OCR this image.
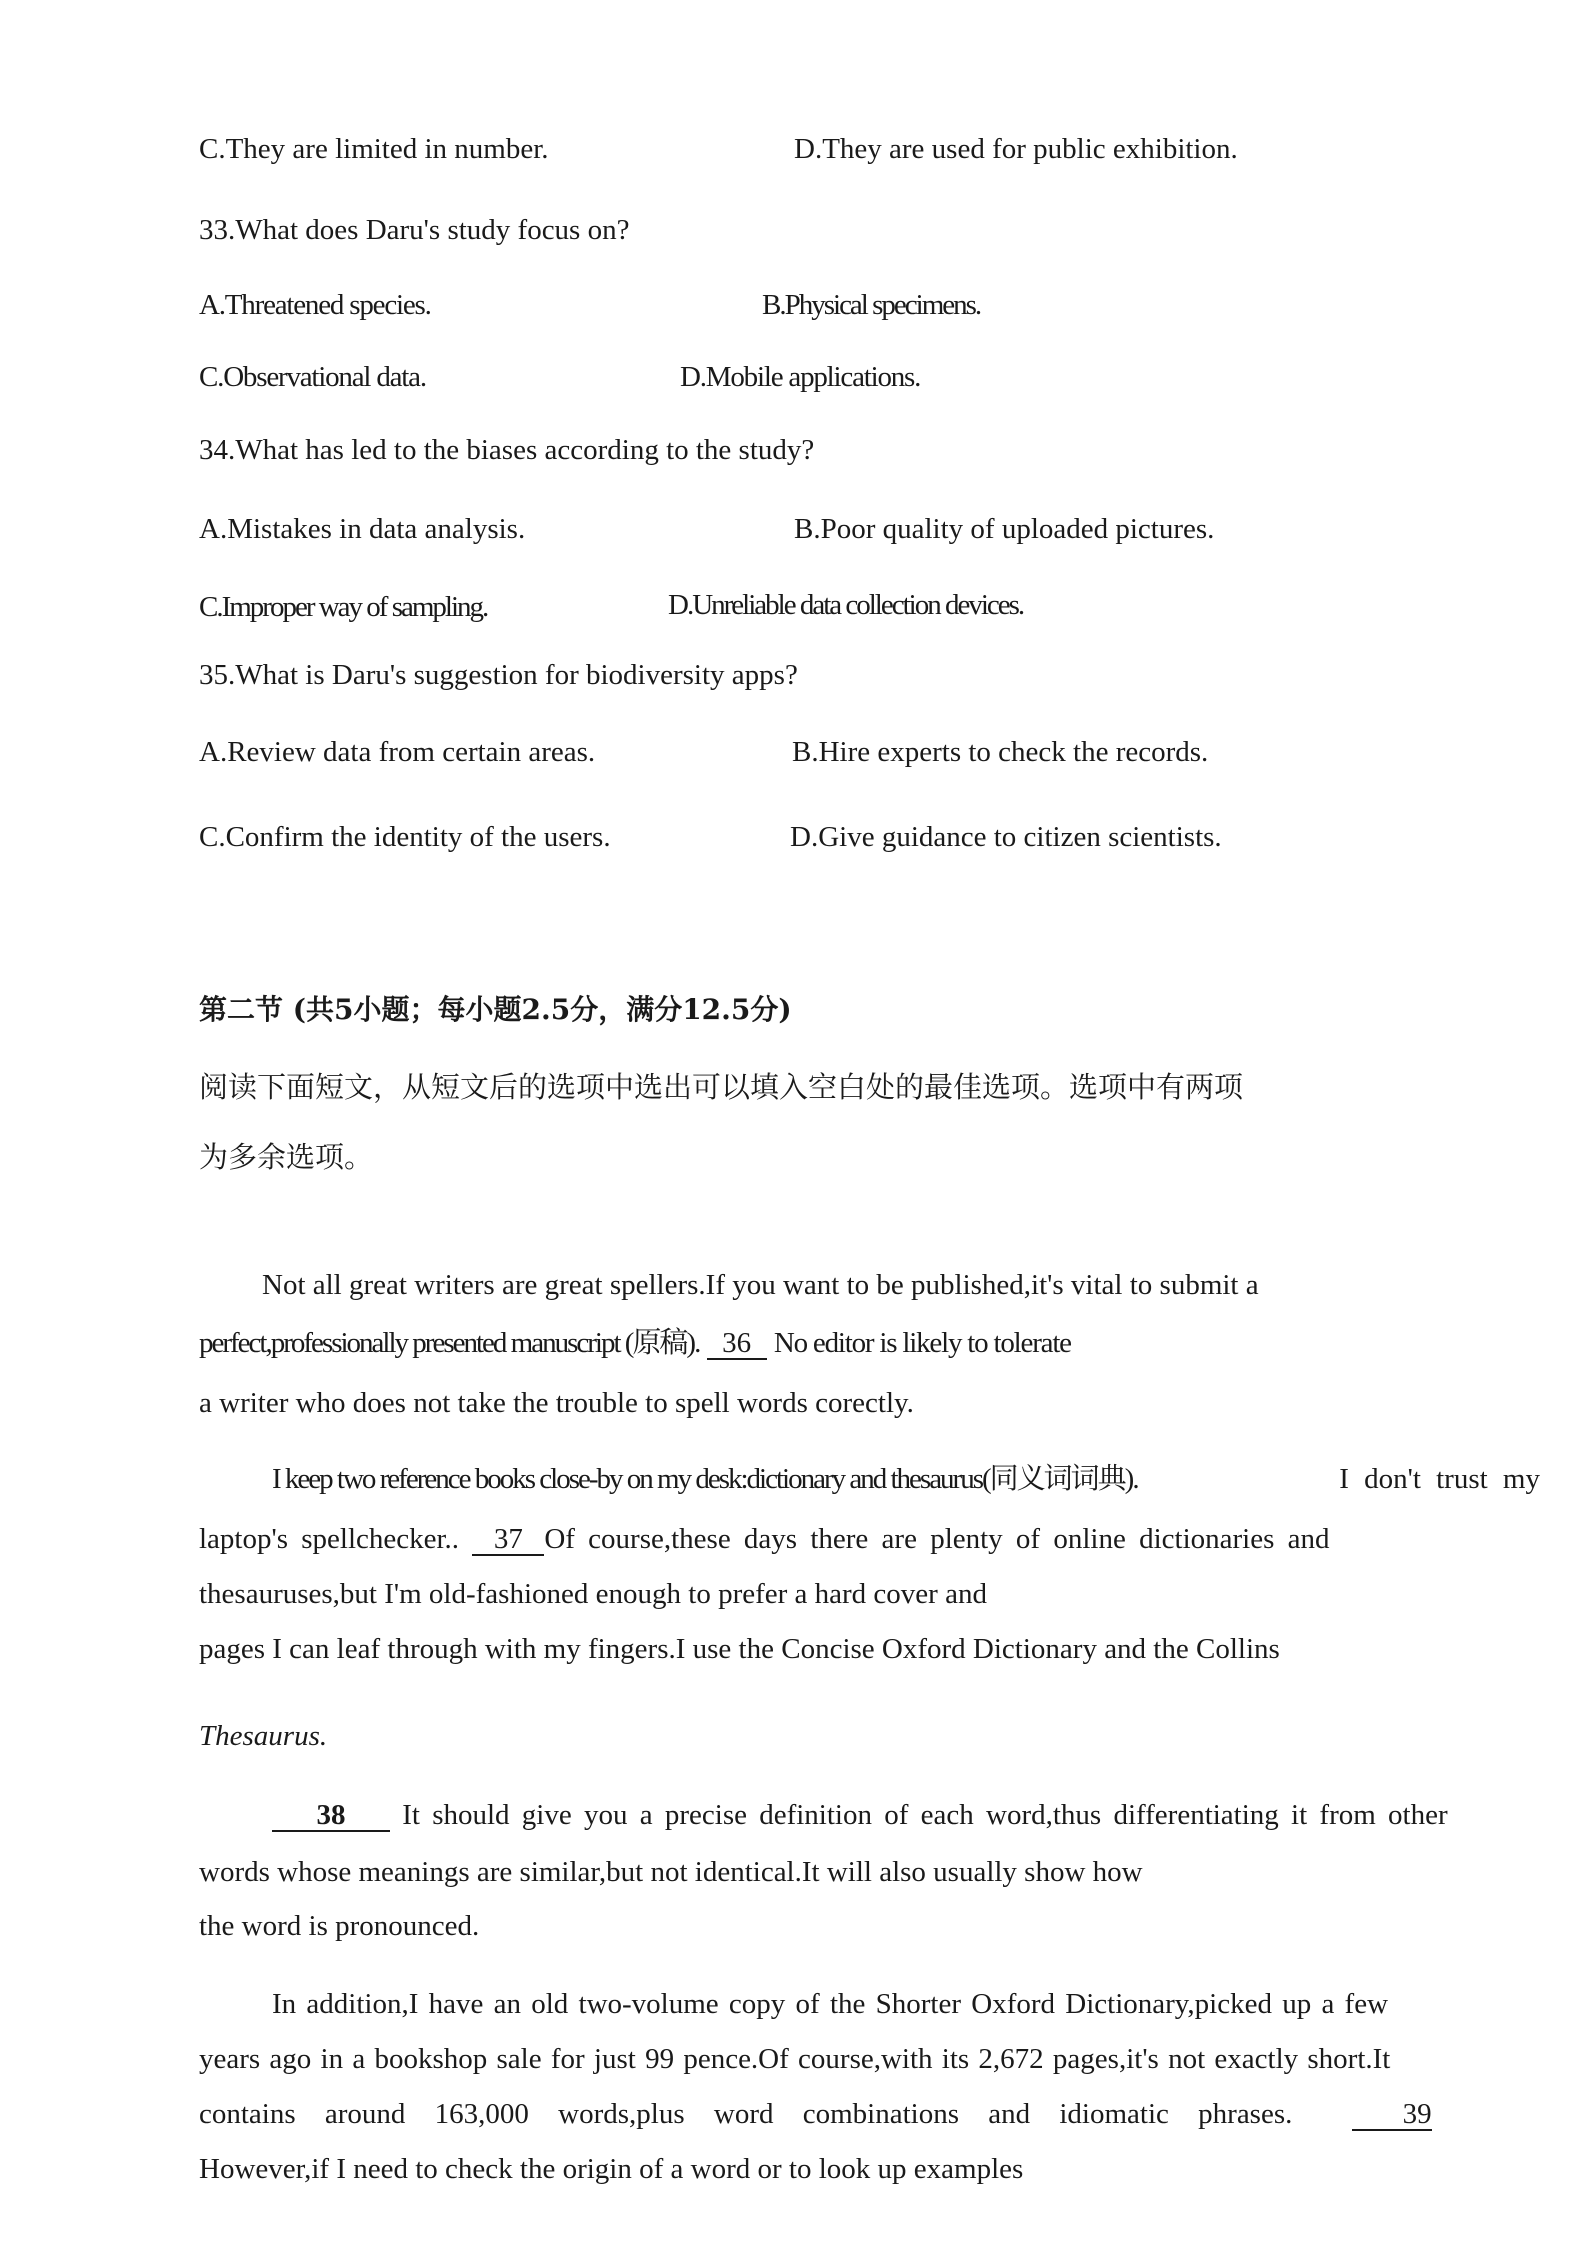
C.They are limited in number.	D.They are used for public exhibition.
33.What does Daru's study focus on?
A.Threatened species.	B.Physical specimens.
C.Observational data.	D.Mobile applications.
34.What has led to the biases according to the study?
A.Mistakes in data analysis.	B.Poor quality of uploaded pictures.
C.Improper way of sampling.	D.Unreliable data collection devices.
35.What is Daru's suggestion for biodiversity apps?
A.Review data from certain areas.	B.Hire experts to check the records.
C.Confirm the identity of the users.	D.Give guidance to citizen scientists.
第二节 (共5小题；每小题2.5分，满分12.5分)
阅读下面短文，从短文后的选项中选出可以填入空白处的最佳选项。选项中有两项
为多余选项。
Not all great writers are great spellers.If you want to be published,it's vital to submit a
perfect,professionally presented manuscript (原稿). 36 No editor is likely to tolerate
a writer who does not take the trouble to spell words corectly.
I keep two reference books close-by on my desk:dictionary and thesaurus(同义词词典).	I don't trust my
laptop's spellchecker.. 37 Of course,these days there are plenty of online dictionaries and
thesauruses,but I'm old-fashioned enough to prefer a hard cover and
pages I can leaf through with my fingers.I use the Concise Oxford Dictionary and the Collins
Thesaurus.
38 It should give you a precise definition of each word,thus differentiating it from other
words whose meanings are similar,but not identical.It will also usually show how
the word is pronounced.
In addition,I have an old two-volume copy of the Shorter Oxford Dictionary,picked up a few
years ago in a bookshop sale for just 99 pence.Of course,with its 2,672 pages,it's not exactly short.It
contains around 163,000 words,plus word combinations and idiomatic phrases.	39
However,if I need to check the origin of a word or to look up examples
